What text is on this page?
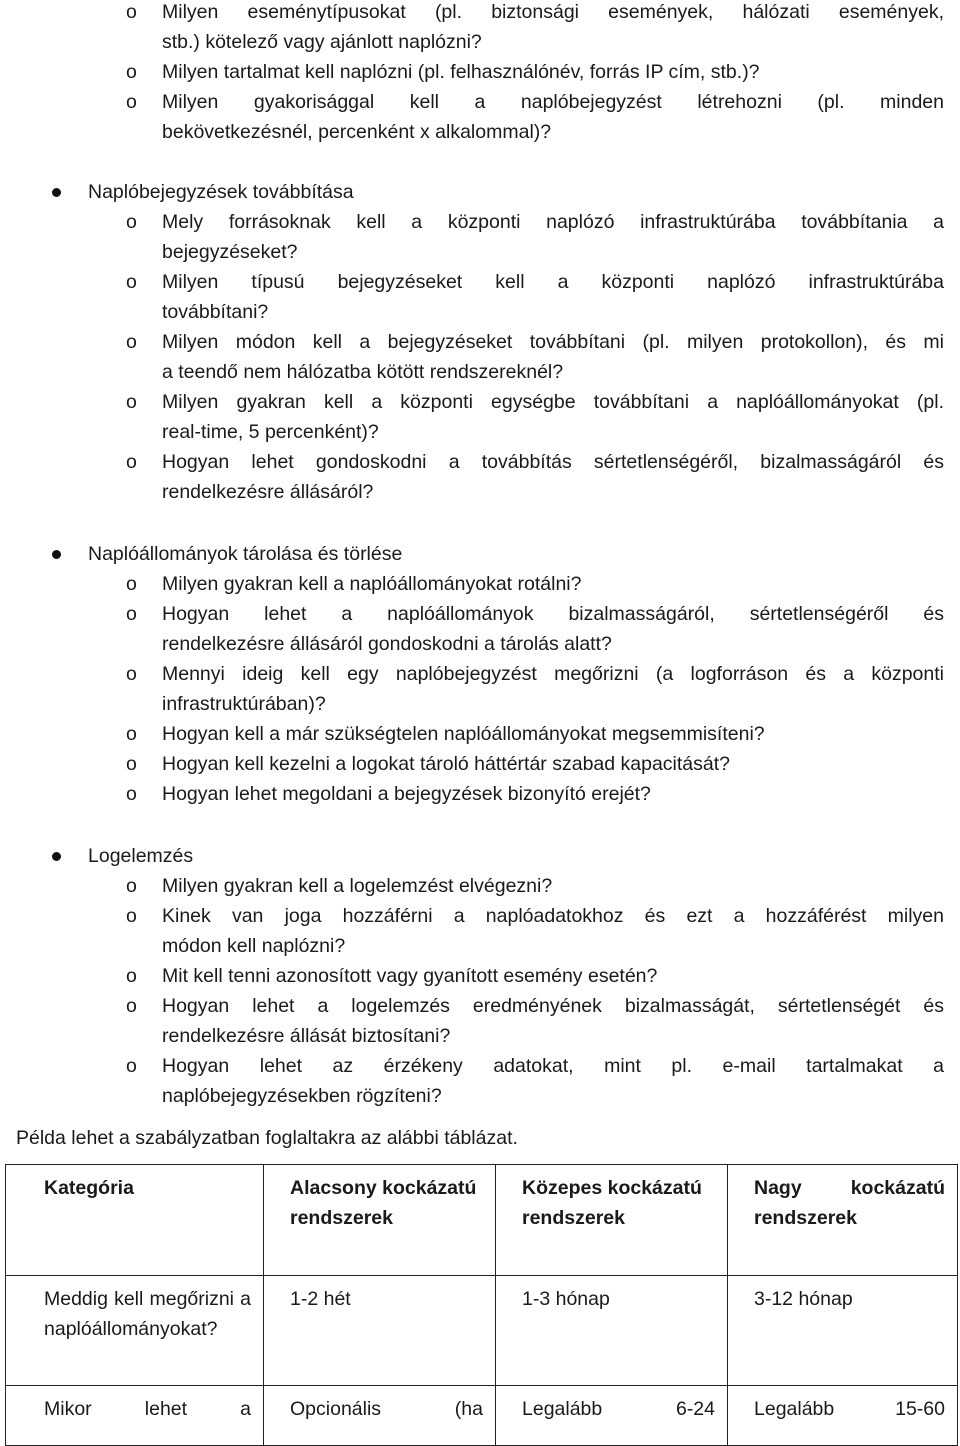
o Milyen eseménytípusokat (pl. biztonsági események, hálózati események,
stb.) kötelező vagy ajánlott naplózni?
o Milyen tartalmat kell naplózni (pl. felhasználónév, forrás IP cím, stb.)?
o Milyen gyakorisággal kell a naplóbejegyzést létrehozni (pl. minden
bekövetkezésnél, percenként x alkalommal)?
Naplóbejegyzések továbbítása
o Mely forrásoknak kell a központi naplózó infrastruktúrába továbbítania a
bejegyzéseket?
o Milyen típusú bejegyzéseket kell a központi naplózó infrastruktúrába
továbbítani?
o Milyen módon kell a bejegyzéseket továbbítani (pl. milyen protokollon), és mi
a teendő nem hálózatba kötött rendszereknél?
o Milyen gyakran kell a központi egységbe továbbítani a naplóállományokat (pl.
real-time, 5 percenként)?
o Hogyan lehet gondoskodni a továbbítás sértetlenségéről, bizalmasságáról és
rendelkezésre állásáról?
Naplóállományok tárolása és törlése
o Milyen gyakran kell a naplóállományokat rotálni?
o Hogyan lehet a naplóállományok bizalmasságáról, sértetlenségéről és
rendelkezésre állásáról gondoskodni a tárolás alatt?
o Mennyi ideig kell egy naplóbejegyzést megőrizni (a logforráson és a központi
infrastruktúrában)?
o Hogyan kell a már szükségtelen naplóállományokat megsemmisíteni?
o Hogyan kell kezelni a logokat tároló háttértár szabad kapacitását?
o Hogyan lehet megoldani a bejegyzések bizonyító erejét?
Logelemzés
o Milyen gyakran kell a logelemzést elvégezni?
o Kinek van joga hozzáférni a naplóadatokhoz és ezt a hozzáférést milyen
módon kell naplózni?
o Mit kell tenni azonosított vagy gyanított esemény esetén?
o Hogyan lehet a logelemzés eredményének bizalmasságát, sértetlenségét és
rendelkezésre állását biztosítani?
o Hogyan lehet az érzékeny adatokat, mint pl. e-mail tartalmakat a
naplóbejegyzésekben rögzíteni?
Példa lehet a szabályzatban foglaltakra az alábbi táblázat.
Kategória	Alacsony kockázatú rendszerek	Közepes kockázatú rendszerek	Nagy kockázatú rendszerek
Meddig kell megőrizni a naplóállományokat?	1-2 hét	1-3 hónap	3-12 hónap
Mikor lehet a	Opcionális (ha	Legalább 6-24	Legalább 15-60
